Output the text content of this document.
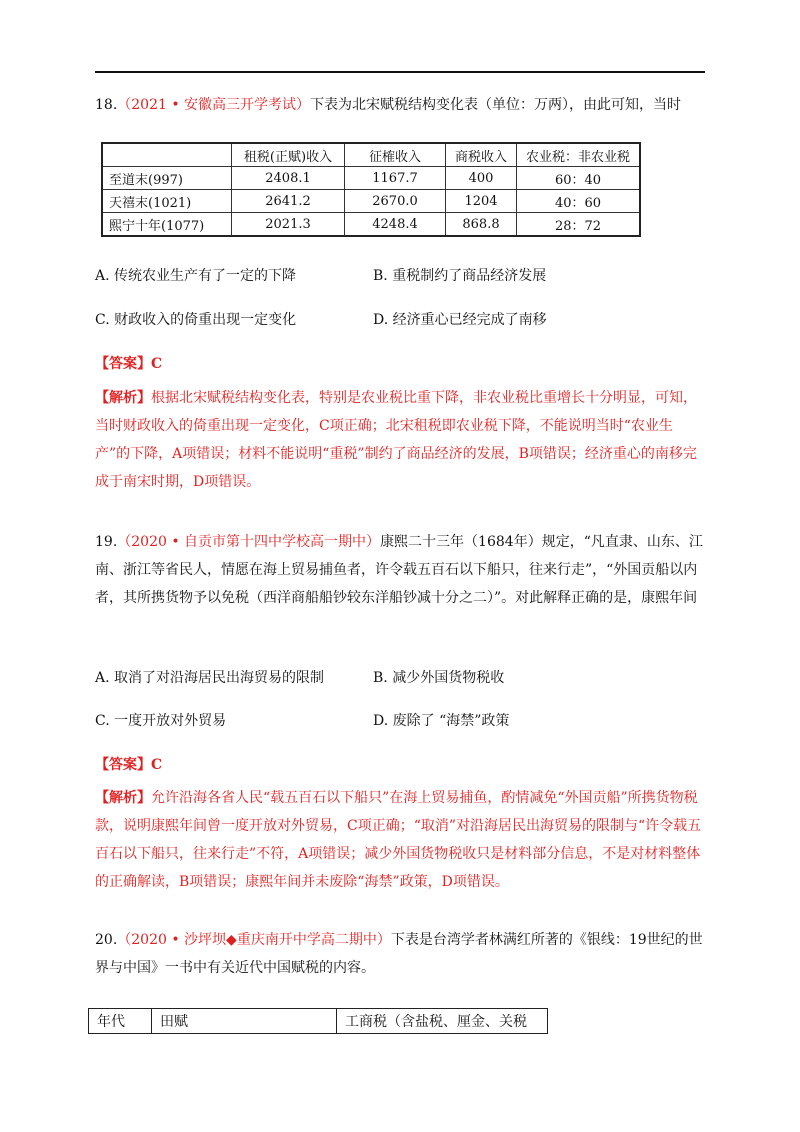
18.（2021 • 安徽高三开学考试）下表为北宋赋税结构变化表（单位：万两），由此可知，当时

	租税(正赋)收入	征榷收入	商税收入	农业税：非农业税
至道末(997)	2408.1	1167.7	400	60：40
天禧末(1021)	2641.2	2670.0	1204	40：60
熙宁十年(1077)	2021.3	4248.4	868.8	28：72
A. 传统农业生产有了一定的下降	B. 重税制约了商品经济发展
C. 财政收入的倚重出现一定变化	D. 经济重心已经完成了南移
【答案】C

【解析】根据北宋赋税结构变化表，特别是农业税比重下降，非农业税比重增长十分明显，可知，当时财政收入的倚重出现一定变化，C项正确；北宋租税即农业税下降，不能说明当时“农业生产”的下降，A项错误；材料不能说明“重税”制约了商品经济的发展，B项错误；经济重心的南移完成于南宋时期，D项错误。

19.（2020 • 自贡市第十四中学校高一期中）康熙二十三年（1684年）规定，“凡直隶、山东、江南、浙江等省民人，情愿在海上贸易捕鱼者，许令载五百石以下船只，往来行走”，“外国贡船以内者，其所携货物予以免税（西洋商船船钞较东洋船钞减十分之二）”。对此解释正确的是，康熙年间

A. 取消了对沿海居民出海贸易的限制	B. 减少外国货物税收
C. 一度开放对外贸易	D. 废除了 “海禁”政策
【答案】C

【解析】允许沿海各省人民“载五百石以下船只”在海上贸易捕鱼，酌情减免“外国贡船”所携货物税款，说明康熙年间曾一度开放对外贸易，C项正确；“取消”对沿海居民出海贸易的限制与“许令载五百石以下船只，往来行走”不符，A项错误；减少外国货物税收只是材料部分信息，不是对材料整体的正确解读，B项错误；康熙年间并未废除“海禁”政策，D项错误。

20.（2020 • 沙坪坝◆重庆南开中学高二期中）下表是台湾学者林满红所著的《银线：19世纪的世界与中国》一书中有关近代中国赋税的内容。

年代	田赋	工商税（含盐税、厘金、关税
